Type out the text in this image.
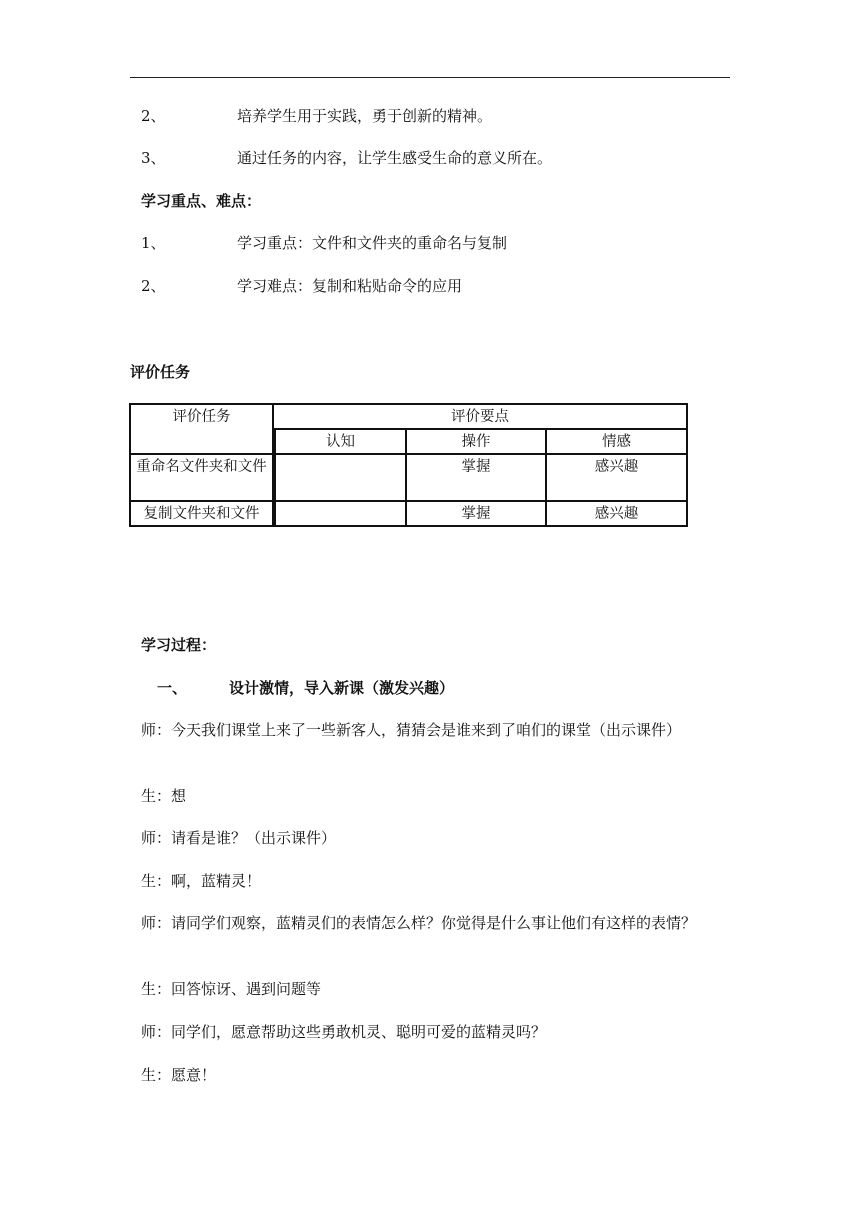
2、	培养学生用于实践，勇于创新的精神。
3、	通过任务的内容，让学生感受生命的意义所在。
学习重点、难点：
1、	学习重点：文件和文件夹的重命名与复制
2、	学习难点：复制和粘贴命令的应用
评价任务
评价任务	评价要点		
	认知	操作	情感
重命名文件夹和文件		掌握	感兴趣
复制文件夹和文件		掌握	感兴趣
学习过程：
一、	设计激情，导入新课（激发兴趣）
师：今天我们课堂上来了一些新客人，猜猜会是谁来到了咱们的课堂（出示课件）
生：想
师：请看是谁？（出示课件）
生：啊，蓝精灵！
师：请同学们观察，蓝精灵们的表情怎么样？你觉得是什么事让他们有这样的表情？
生：回答惊讶、遇到问题等
师：同学们，愿意帮助这些勇敢机灵、聪明可爱的蓝精灵吗？
生：愿意！
